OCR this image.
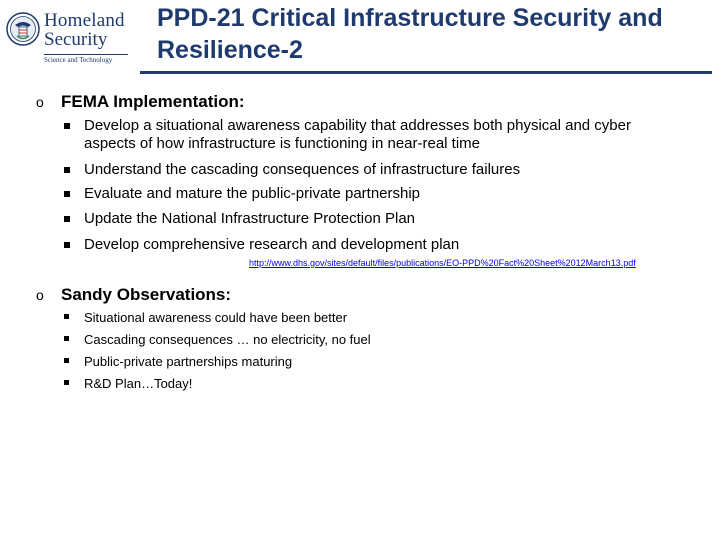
Homeland
Security
Science and Technology
PPD-21 Critical Infrastructure Security and Resilience-2
o FEMA Implementation:
Develop a situational awareness capability that addresses both physical and cyber aspects of how infrastructure is functioning in near-real time
Understand the cascading consequences of infrastructure failures
Evaluate and mature the public-private partnership
Update the National Infrastructure Protection Plan
Develop comprehensive research and development plan
http://www.dhs.gov/sites/default/files/publications/EO-PPD%20Fact%20Sheet%2012March13.pdf
o Sandy Observations:
Situational awareness could have been better
Cascading consequences … no electricity, no fuel
Public-private partnerships maturing
R&D Plan…Today!
